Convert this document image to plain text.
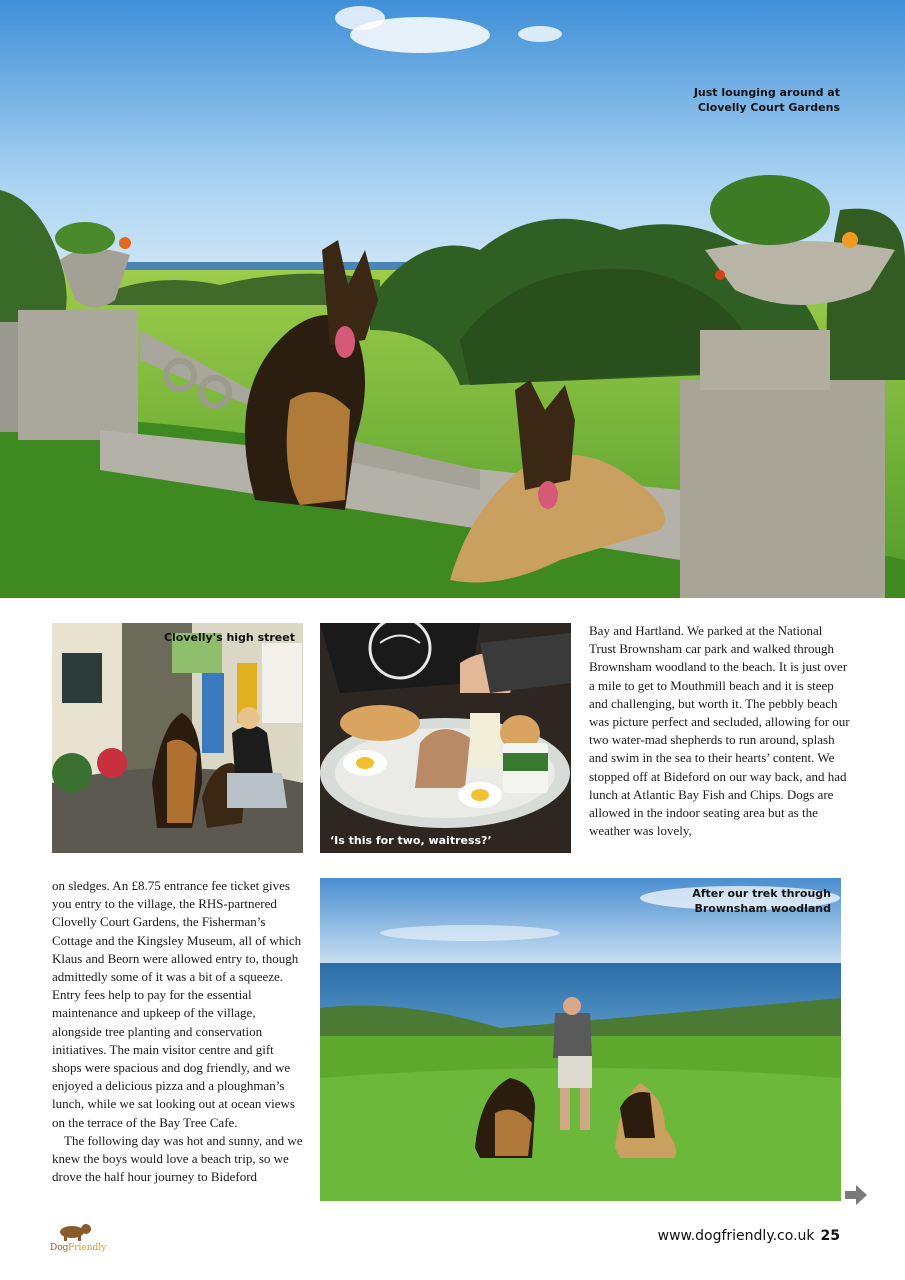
Just lounging around at
Clovelly Court Gardens
Clovelly's high street
‘Is this for two, waitress?’

Bay and Hartland. We parked at the National Trust Brownsham car park and walked through Brownsham woodland to the beach. It is just over a mile to get to Mouthmill beach and it is steep and challenging, but worth it. The pebbly beach was picture perfect and secluded, allowing for our two water-mad shepherds to run around, splash and swim in the sea to their hearts’ content. We stopped off at Bideford on our way back, and had lunch at Atlantic Bay Fish and Chips. Dogs are allowed in the indoor seating area but as the weather was lovely,

on sledges. An £8.75 entrance fee ticket gives you entry to the village, the RHS-partnered Clovelly Court Gardens, the Fisherman’s Cottage and the Kingsley Museum, all of which Klaus and Beorn were allowed entry to, though admittedly some of it was a bit of a squeeze. Entry fees help to pay for the essential maintenance and upkeep of the village, alongside tree planting and conservation initiatives. The main visitor centre and gift shops were spacious and dog friendly, and we enjoyed a delicious pizza and a ploughman’s lunch, while we sat looking out at ocean views on the terrace of the Bay Tree Cafe.

The following day was hot and sunny, and we knew the boys would love a beach trip, so we drove the half hour journey to Bideford

After our trek through
Brownsham woodland
Dog Friendly
www.dogfriendly.co.uk 25
